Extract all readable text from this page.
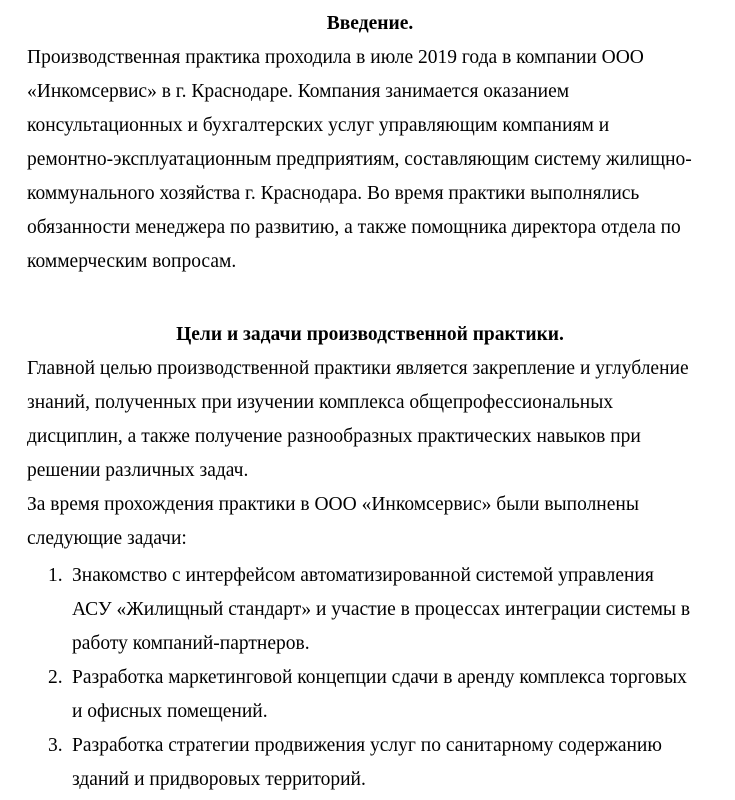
Введение.
Производственная практика проходила в июле 2019 года в компании ООО
«Инкомсервис» в г. Краснодаре. Компания занимается оказанием
консультационных и бухгалтерских услуг управляющим компаниям и
ремонтно-эксплуатационным предприятиям, составляющим систему жилищно-
коммунального хозяйства г. Краснодара. Во время практики выполнялись
обязанности менеджера по развитию, а также помощника директора отдела по
коммерческим вопросам.
Цели и задачи производственной практики.
Главной целью производственной практики является закрепление и углубление
знаний, полученных при изучении комплекса общепрофессиональных
дисциплин, а также получение разнообразных практических навыков при
решении различных задач.
За время прохождения практики в ООО «Инкомсервис» были выполнены
следующие задачи:
1. Знакомство с интерфейсом автоматизированной системой управления
АСУ «Жилищный стандарт» и участие в процессах интеграции системы в
работу компаний-партнеров.
2. Разработка маркетинговой концепции сдачи в аренду комплекса торговых
и офисных помещений.
3. Разработка стратегии продвижения услуг по санитарному содержанию
зданий и придворовых территорий.
